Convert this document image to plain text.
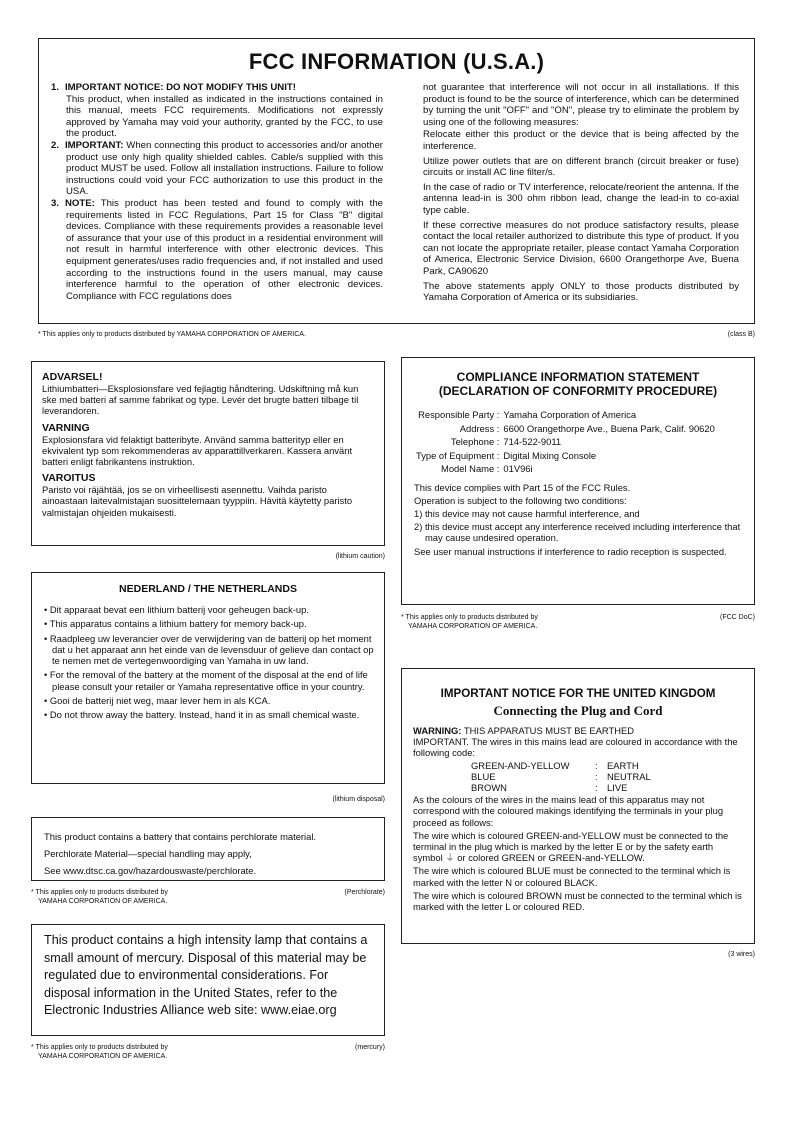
FCC INFORMATION (U.S.A.)

1. IMPORTANT NOTICE: DO NOT MODIFY THIS UNIT!

This product, when installed as indicated in the instructions contained in this manual, meets FCC requirements. Modifications not expressly approved by Yamaha may void your authority, granted by the FCC, to use the product.

2. IMPORTANT: When connecting this product to accessories and/or another product use only high quality shielded cables. Cable/s supplied with this product MUST be used. Follow all installation instructions. Failure to follow instructions could void your FCC authorization to use this product in the USA.

3. NOTE: This product has been tested and found to comply with the requirements listed in FCC Regulations, Part 15 for Class "B" digital devices. Compliance with these requirements provides a reasonable level of assurance that your use of this product in a residential environment will not result in harmful interference with other electronic devices. This equipment generates/uses radio frequencies and, if not installed and used according to the instructions found in the users manual, may cause interference harmful to the operation of other electronic devices. Compliance with FCC regulations does

not guarantee that interference will not occur in all installations. If this product is found to be the source of interference, which can be determined by turning the unit "OFF" and "ON", please try to eliminate the problem by using one of the following measures:

Relocate either this product or the device that is being affected by the interference.

Utilize power outlets that are on different branch (circuit breaker or fuse) circuits or install AC line filter/s.

In the case of radio or TV interference, relocate/reorient the antenna. If the antenna lead-in is 300 ohm ribbon lead, change the lead-in to co-axial type cable.

If these corrective measures do not produce satisfactory results, please contact the local retailer authorized to distribute this type of product. If you can not locate the appropriate retailer, please contact Yamaha Corporation of America, Electronic Service Division, 6600 Orangethorpe Ave, Buena Park, CA90620

The above statements apply ONLY to those products distributed by Yamaha Corporation of America or its subsidiaries.

* This applies only to products distributed by YAMAHA CORPORATION OF AMERICA.	(class B)
ADVARSEL!

Lithiumbatteri—Eksplosionsfare ved fejlagtig håndtering. Udskiftning må kun ske med batteri af samme fabrikat og type. Levér det brugte batteri tilbage til leverandoren.

VARNING

Explosionsfara vid felaktigt batteribyte. Använd samma batterityp eller en ekvivalent typ som rekommenderas av apparattillverkaren. Kassera använt batteri enligt fabrikantens instruktion.

VAROITUS

Paristo voi räjähtää, jos se on virheellisesti asennettu. Vaihda paristo ainoastaan laitevalmistajan suosittelemaan tyyppiin. Hävitä käytetty paristo valmistajan ohjeiden mukaisesti.

(lithium caution)
NEDERLAND / THE NETHERLANDS

• Dit apparaat bevat een lithium batterij voor geheugen back-up.

• This apparatus contains a lithium battery for memory back-up.

• Raadpleeg uw leverancier over de verwijdering van de batterij op het moment dat u het apparaat ann het einde van de levensduur of gelieve dan contact op te nemen met de vertegenwoordiging van Yamaha in uw land.

• For the removal of the battery at the moment of the disposal at the end of life please consult your retailer or Yamaha representative office in your country.

• Gooi de batterij niet weg, maar lever hem in als KCA.

• Do not throw away the battery. Instead, hand it in as small chemical waste.

(lithium disposal)

This product contains a battery that contains perchlorate material.

Perchlorate Material—special handling may apply,

See www.dtsc.ca.gov/hazardouswaste/perchlorate.

* This applies only to products distributed by
YAMAHA CORPORATION OF AMERICA.
(Perchlorate)

This product contains a high intensity lamp that contains a small amount of mercury. Disposal of this material may be regulated due to environmental considerations. For disposal information in the United States, refer to the Electronic Industries Alliance web site: www.eiae.org

* This applies only to products distributed by
YAMAHA CORPORATION OF AMERICA.
(mercury)
COMPLIANCE INFORMATION STATEMENT
(DECLARATION OF CONFORMITY PROCEDURE)
Responsible Party :	Yamaha Corporation of America
Address :	6600 Orangethorpe Ave., Buena Park, Calif. 90620
Telephone :	714-522-9011
Type of Equipment :	Digital Mixing Console
Model Name :	01V96i

This device complies with Part 15 of the FCC Rules.

Operation is subject to the following two conditions:

1) this device may not cause harmful interference, and

2) this device must accept any interference received including interference that may cause undesired operation.

See user manual instructions if interference to radio reception is suspected.

* This applies only to products distributed by
YAMAHA CORPORATION OF AMERICA.
(FCC DoC)
IMPORTANT NOTICE FOR THE UNITED KINGDOM
Connecting the Plug and Cord

WARNING: THIS APPARATUS MUST BE EARTHED

IMPORTANT. The wires in this mains lead are coloured in accordance with the following code:

GREEN-AND-YELLOW	: EARTH
BLUE	: NEUTRAL
BROWN	: LIVE

As the colours of the wires in the mains lead of this apparatus may not correspond with the coloured makings identifying the terminals in your plug proceed as follows:

The wire which is coloured GREEN-and-YELLOW must be connected to the terminal in the plug which is marked by the letter E or by the safety earth symbol ⏚ or colored GREEN or GREEN-and-YELLOW.

The wire which is coloured BLUE must be connected to the terminal which is marked with the letter N or coloured BLACK.

The wire which is coloured BROWN must be connected to the terminal which is marked with the letter L or coloured RED.

(3 wires)
